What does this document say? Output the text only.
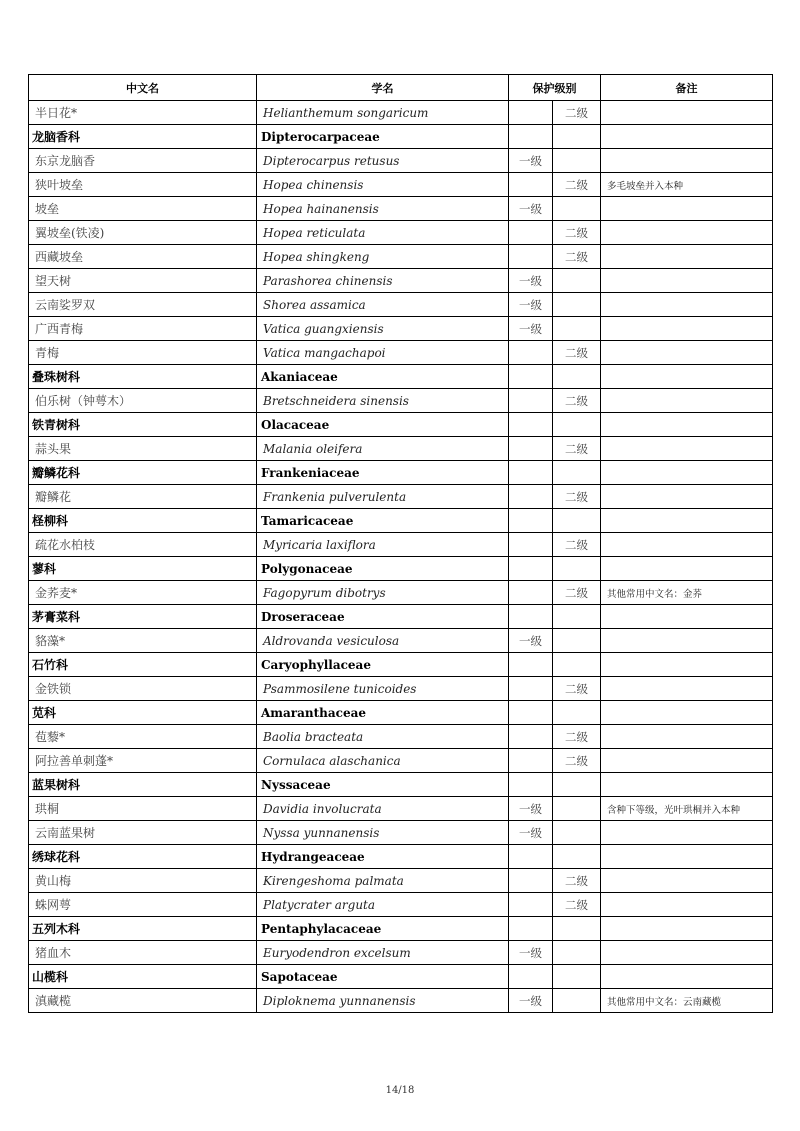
中文名	学名	保护级别		备注
半日花*	Helianthemum songaricum		二级	
龙脑香科	Dipterocarpaceae			
东京龙脑香	Dipterocarpus retusus	一级		
狭叶坡垒	Hopea chinensis		二级	多毛坡垒并入本种
坡垒	Hopea hainanensis	一级		
翼坡垒(铁凌)	Hopea reticulata		二级	
西藏坡垒	Hopea shingkeng		二级	
望天树	Parashorea chinensis	一级		
云南娑罗双	Shorea assamica	一级		
广西青梅	Vatica guangxiensis	一级		
青梅	Vatica mangachapoi		二级	
叠珠树科	Akaniaceae			
伯乐树（钟萼木）	Bretschneidera sinensis		二级	
铁青树科	Olacaceae			
蒜头果	Malania oleifera		二级	
瓣鳞花科	Frankeniaceae			
瓣鳞花	Frankenia pulverulenta		二级	
柽柳科	Tamaricaceae			
疏花水柏枝	Myricaria laxiflora		二级	
蓼科	Polygonaceae			
金荞麦*	Fagopyrum dibotrys		二级	其他常用中文名：金荞
茅膏菜科	Droseraceae			
貉藻*	Aldrovanda vesiculosa	一级		
石竹科	Caryophyllaceae			
金铁锁	Psammosilene tunicoides		二级	
苋科	Amaranthaceae			
苞藜*	Baolia bracteata		二级	
阿拉善单刺蓬*	Cornulaca alaschanica		二级	
蓝果树科	Nyssaceae			
珙桐	Davidia involucrata	一级		含种下等级，光叶珙桐并入本种
云南蓝果树	Nyssa yunnanensis	一级		
绣球花科	Hydrangeaceae			
黄山梅	Kirengeshoma palmata		二级	
蛛网萼	Platycrater arguta		二级	
五列木科	Pentaphylacaceae			
猪血木	Euryodendron excelsum	一级		
山榄科	Sapotaceae			
滇藏榄	Diploknema yunnanensis	一级		其他常用中文名：云南藏榄
14/18
